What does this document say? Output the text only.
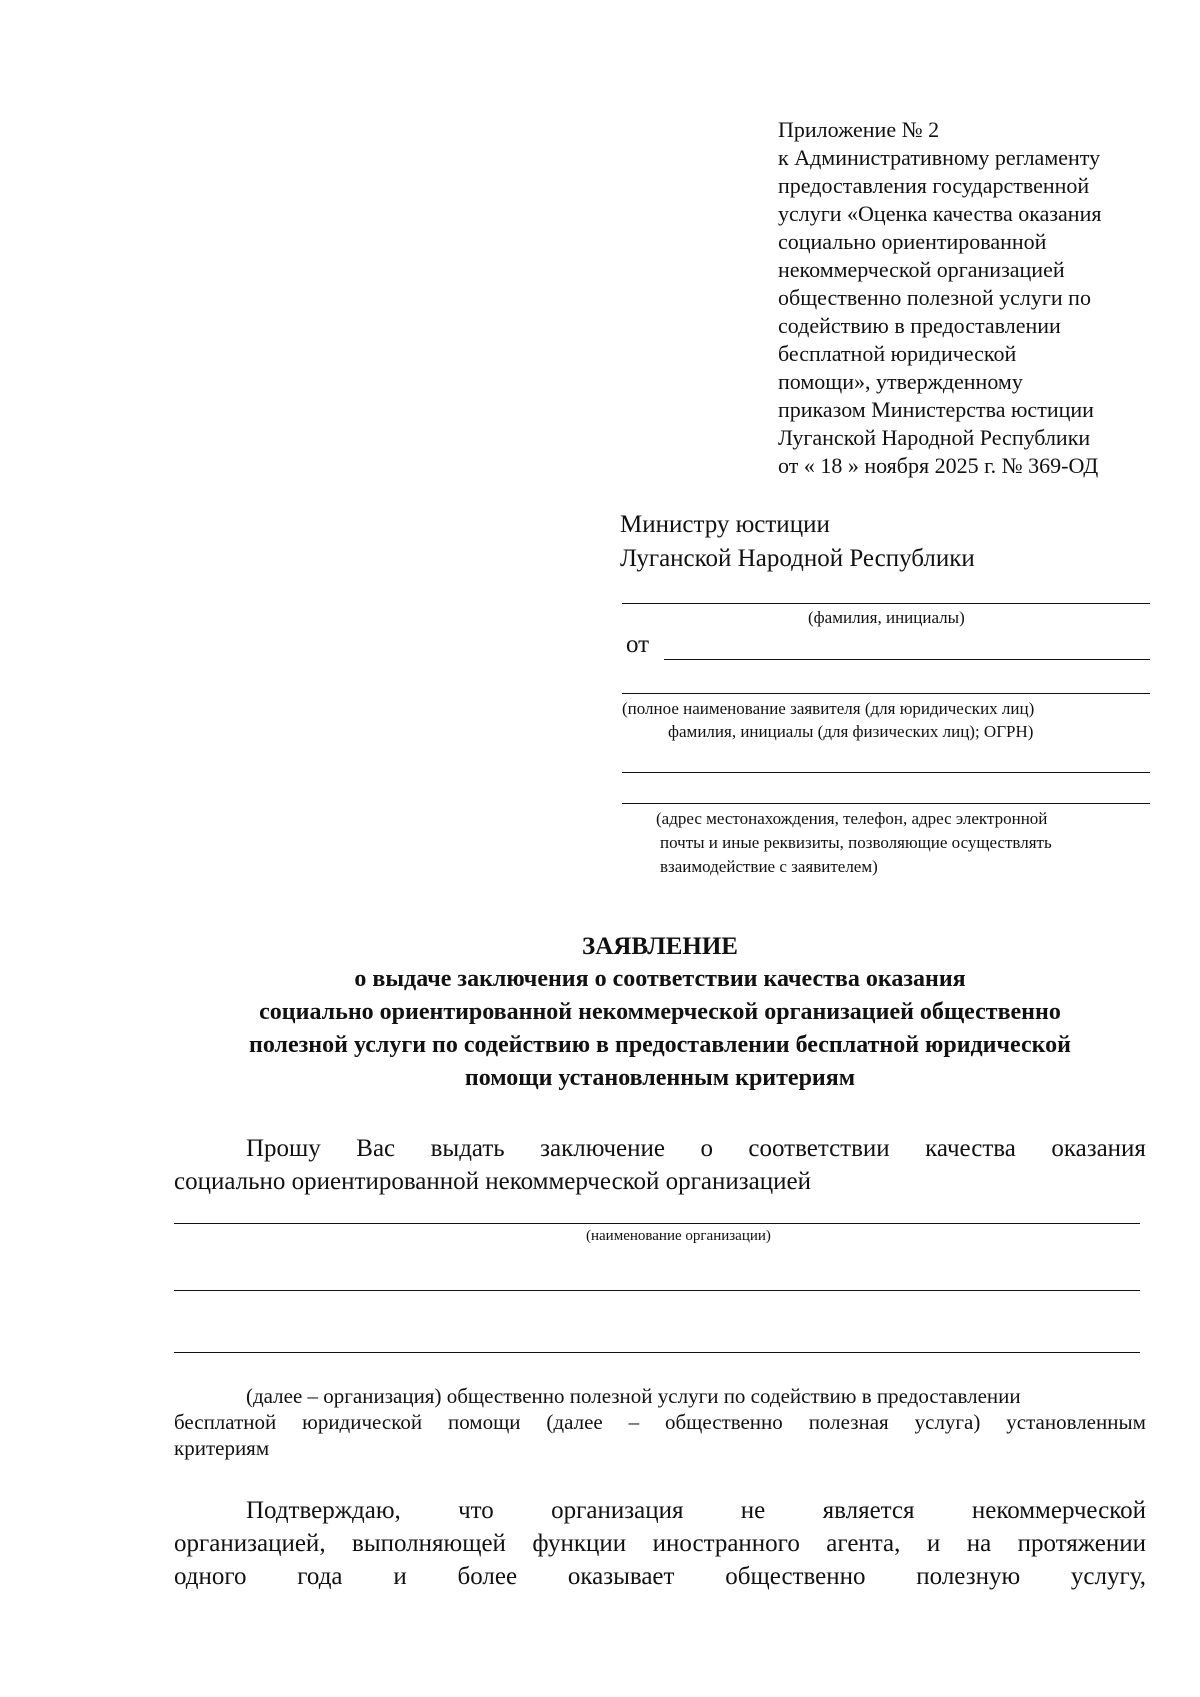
Приложение № 2
к Административному регламенту
предоставления государственной
услуги «Оценка качества оказания
социально ориентированной
некоммерческой организацией
общественно полезной услуги по
содействию в предоставлении
бесплатной юридической
помощи», утвержденному
приказом Министерства юстиции
Луганской Народной Республики
от « 18 » ноября 2025 г. № 369-ОД
Министру юстиции
Луганской Народной Республики
(фамилия, инициалы)
от
(полное наименование заявителя (для юридических лиц)
фамилия, инициалы (для физических лиц); ОГРН)
(адрес местонахождения, телефон, адрес электронной
почты и иные реквизиты, позволяющие осуществлять
взаимодействие с заявителем)
ЗАЯВЛЕНИЕ
о выдаче заключения о соответствии качества оказания
социально ориентированной некоммерческой организацией общественно
полезной услуги по содействию в предоставлении бесплатной юридической
помощи установленным критериям
Прошу Вас выдать заключение о соответствии качества оказания
социально ориентированной некоммерческой организацией
(наименование организации)
(далее – организация) общественно полезной услуги по содействию в предоставлении
бесплатной юридической помощи (далее – общественно полезная услуга) установленным
критериям
Подтверждаю, что организация не является некоммерческой
организацией, выполняющей функции иностранного агента, и на протяжении
одного года и более оказывает общественно полезную услугу,
